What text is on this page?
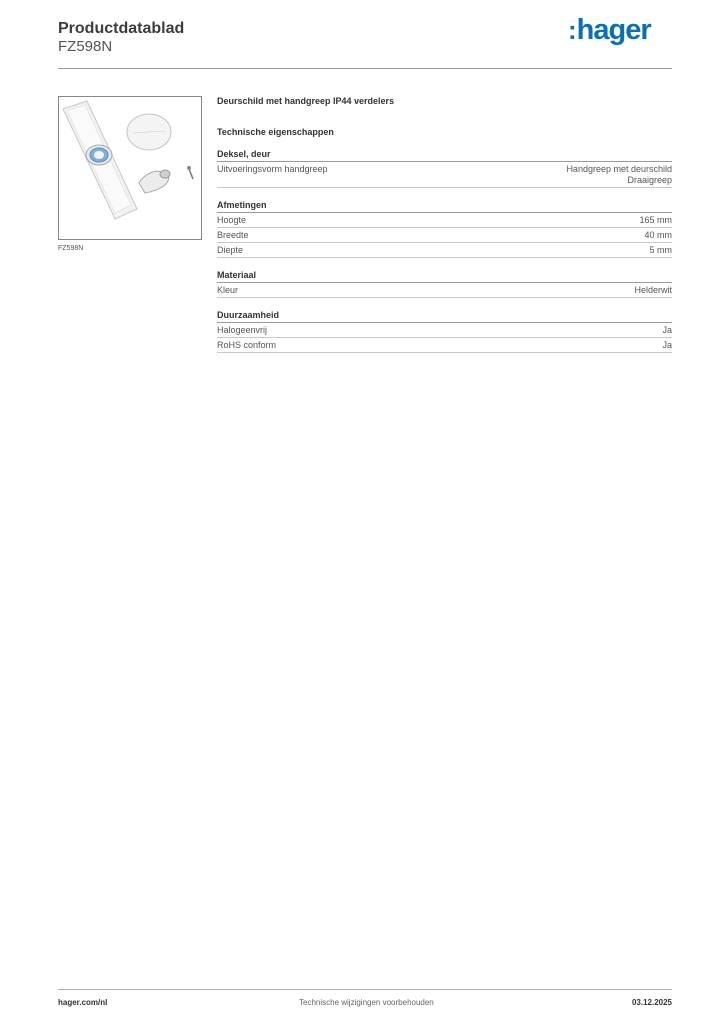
Productdatablad
FZ598N
:hager
FZ598N
Deurschild met handgreep IP44 verdelers
Technische eigenschappen
Deksel, deur
Uitvoeringsvorm handgreep	Handgreep met deurschild
Draaigreep
Afmetingen
Hoogte	165 mm
Breedte	40 mm
Diepte	5 mm
Materiaal
Kleur	Helderwit
Duurzaamheid
Halogeenvrij	Ja
RoHS conform	Ja
hager.com/nl	Technische wijzigingen voorbehouden	03.12.2025
